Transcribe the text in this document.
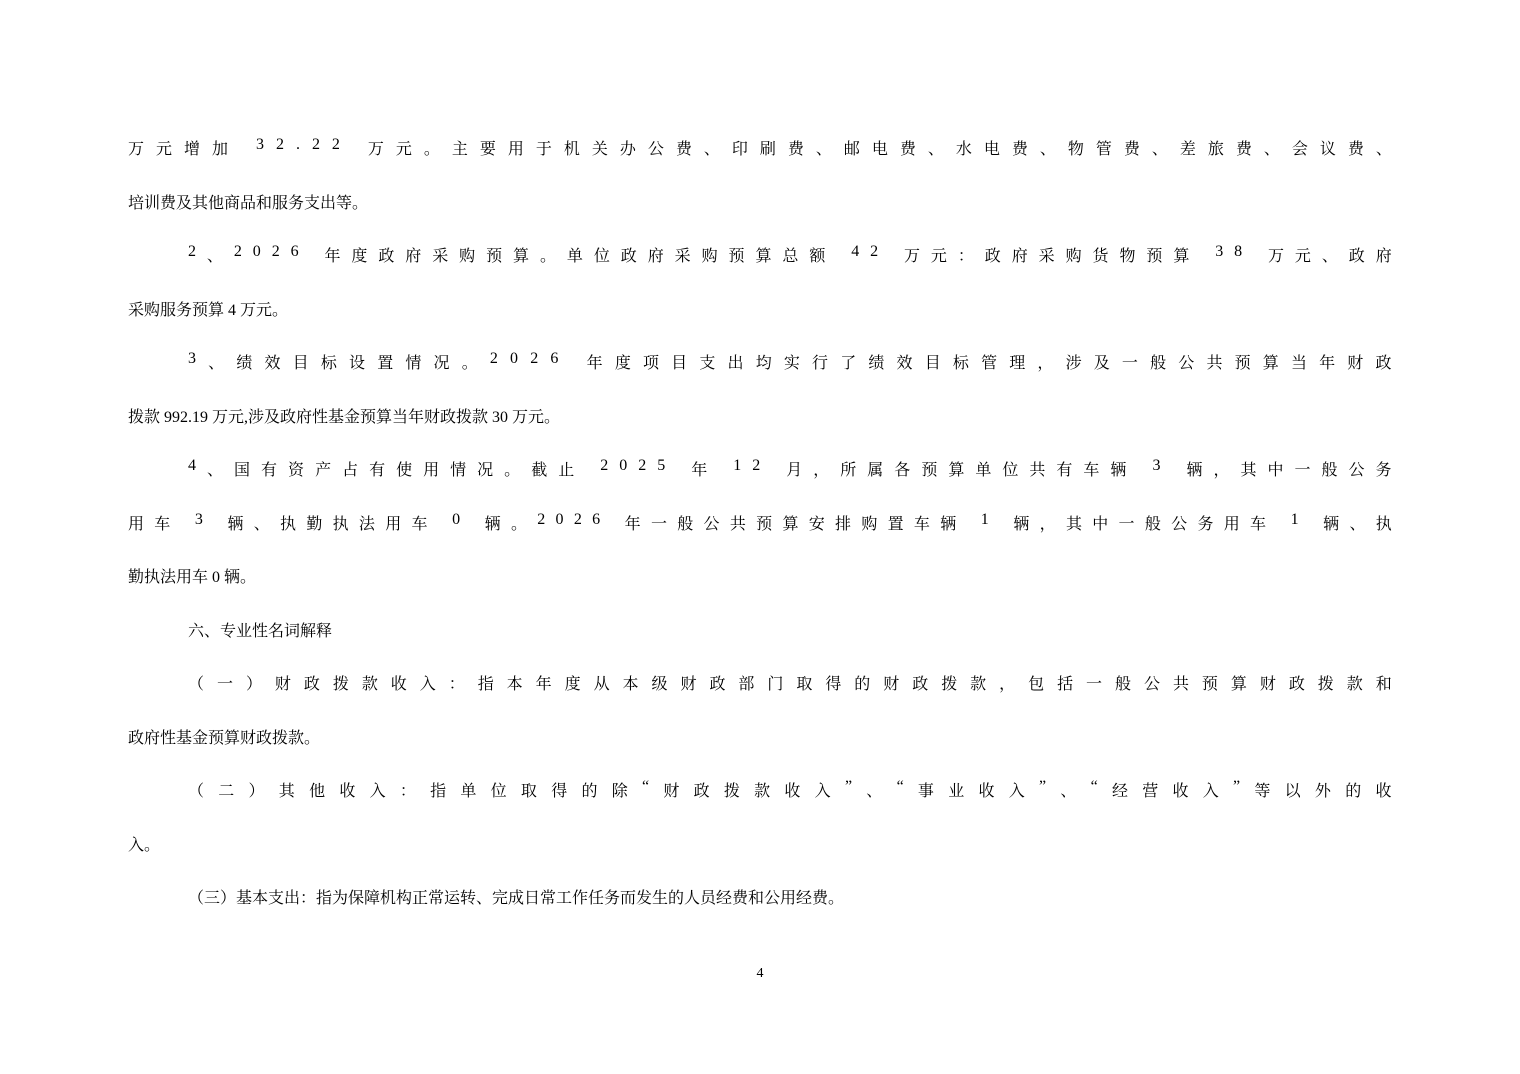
万 元 增 加
3 2 . 2 2
万 元 。 主 要 用 于 机 关 办 公 费 、 印 刷 费 、 邮 电 费 、 水 电 费 、 物 管 费 、 差 旅 费 、 会 议 费 、
培训费及其他商品和服务支出等。
2 、 2 0 2 6
年 度 政 府 采 购 预 算 。 单 位 政 府 采 购 预 算 总 额
4 2
万 元 ： 政 府 采 购 货 物 预 算
3 8
万 元 、 政 府
采购服务预算 4 万元。
3 、 绩 效 目 标 设 置 情 况 。 2 0 2 6
年 度 项 目 支 出 均 实 行 了 绩 效 目 标 管 理 ， 涉 及 一 般 公 共 预 算 当 年 财 政
拨款 992.19 万元,涉及政府性基金预算当年财政拨款 30 万元。
4 、 国 有 资 产 占 有 使 用 情 况 。 截 止
2 0 2 5
年
1 2
月 ， 所 属 各 预 算 单 位 共 有 车 辆
3
辆 ， 其 中 一 般 公 务
用 车
3
辆 、 执 勤 执 法 用 车
0
辆 。 2 0 2 6
年 一 般 公 共 预 算 安 排 购 置 车 辆
1
辆 ， 其 中 一 般 公 务 用 车
1
辆 、 执
勤执法用车 0 辆。
六、专业性名词解释
（ 一 ） 财 政 拨 款 收 入 ： 指 本 年 度 从 本 级 财 政 部 门 取 得 的 财 政 拨 款 ， 包 括 一 般 公 共 预 算 财 政 拨 款 和
政府性基金预算财政拨款。
（ 二 ） 其 他 收 入 ： 指 单 位 取 得 的 除 “ 财 政 拨 款 收 入 ” 、 “ 事 业 收 入 ” 、 “ 经 营 收 入 ” 等 以 外 的 收
入。
（三）基本支出：指为保障机构正常运转、完成日常工作任务而发生的人员经费和公用经费。
4
